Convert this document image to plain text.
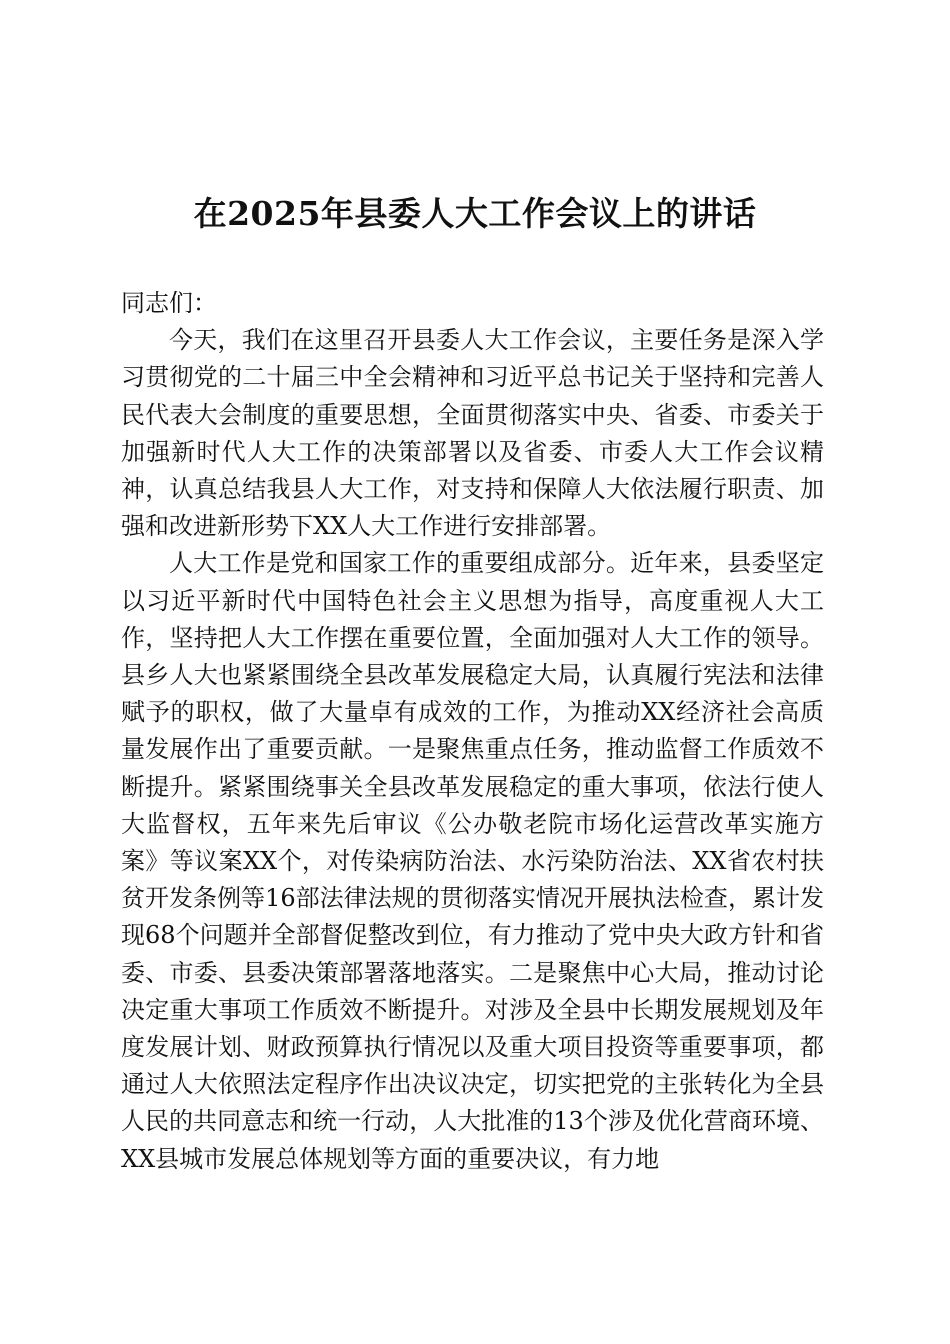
在2025年县委人大工作会议上的讲话

同志们：

今天，我们在这里召开县委人大工作会议，主要任务是深入学习贯彻党的二十届三中全会精神和习近平总书记关于坚持和完善人民代表大会制度的重要思想，全面贯彻落实中央、省委、市委关于加强新时代人大工作的决策部署以及省委、市委人大工作会议精神，认真总结我县人大工作，对支持和保障人大依法履行职责、加强和改进新形势下XX人大工作进行安排部署。

人大工作是党和国家工作的重要组成部分。近年来，县委坚定以习近平新时代中国特色社会主义思想为指导，高度重视人大工作，坚持把人大工作摆在重要位置，全面加强对人大工作的领导。县乡人大也紧紧围绕全县改革发展稳定大局，认真履行宪法和法律赋予的职权，做了大量卓有成效的工作，为推动XX经济社会高质量发展作出了重要贡献。一是聚焦重点任务，推动监督工作质效不断提升。紧紧围绕事关全县改革发展稳定的重大事项，依法行使人大监督权，五年来先后审议《公办敬老院市场化运营改革实施方案》等议案XX个，对传染病防治法、水污染防治法、XX省农村扶贫开发条例等16部法律法规的贯彻落实情况开展执法检查，累计发现68个问题并全部督促整改到位，有力推动了党中央大政方针和省委、市委、县委决策部署落地落实。二是聚焦中心大局，推动讨论决定重大事项工作质效不断提升。对涉及全县中长期发展规划及年度发展计划、财政预算执行情况以及重大项目投资等重要事项，都通过人大依照法定程序作出决议决定，切实把党的主张转化为全县人民的共同意志和统一行动，人大批准的13个涉及优化营商环境、XX县城市发展总体规划等方面的重要决议，有力地
